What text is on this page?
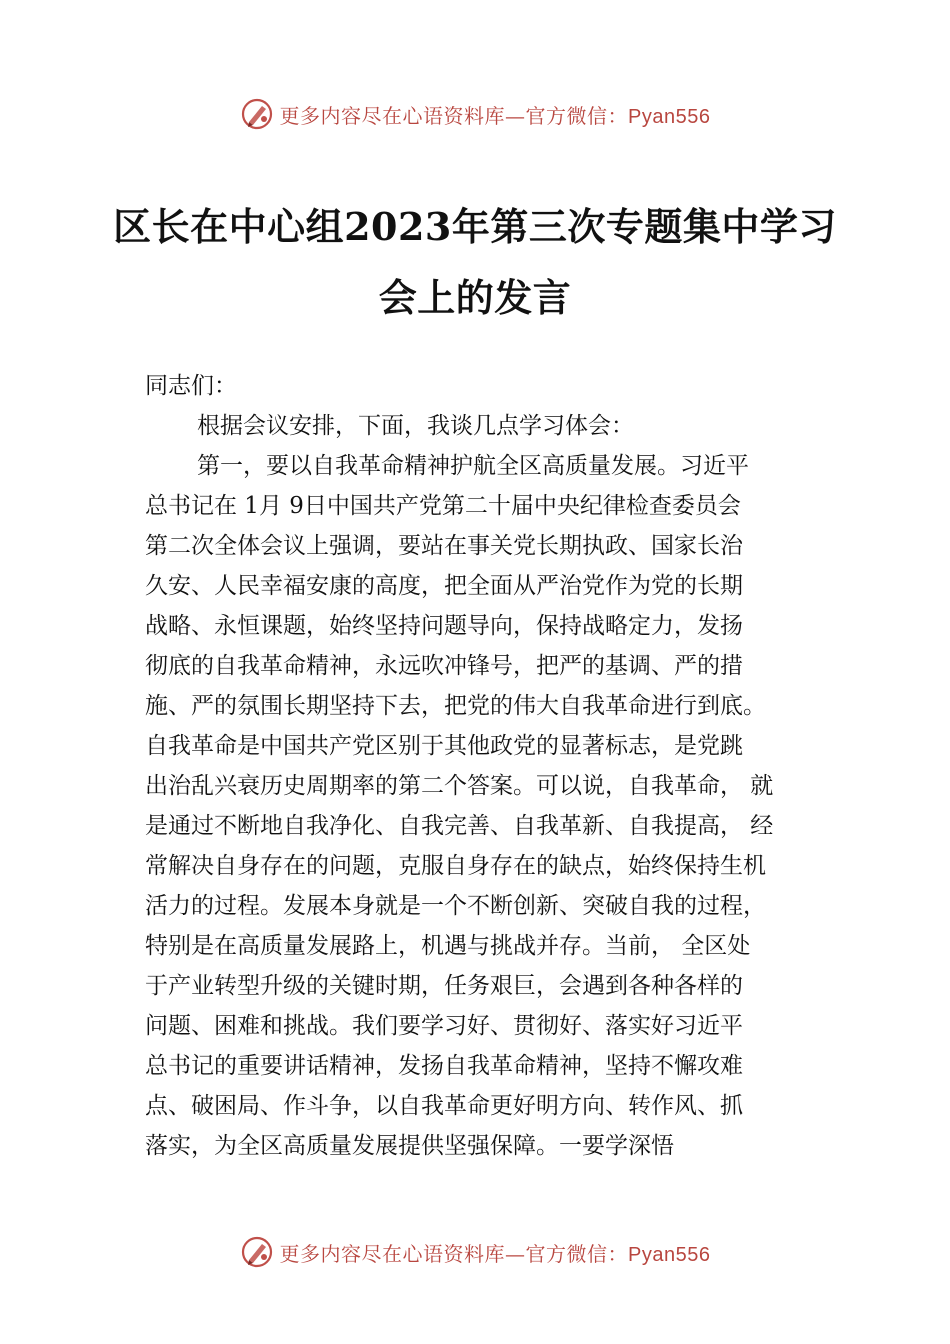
更多内容尽在心语资料库—官方微信：Pyan556
区长在中心组2023年第三次专题集中学习
会上的发言
同志们：
根据会议安排，下面，我谈几点学习体会：
第一，要以自我革命精神护航全区高质量发展。习近平
总书记在 1月 9日中国共产党第二十届中央纪律检查委员会
第二次全体会议上强调，要站在事关党长期执政、国家长治
久安、人民幸福安康的高度，把全面从严治党作为党的长期
战略、永恒课题，始终坚持问题导向，保持战略定力，发扬
彻底的自我革命精神，永远吹冲锋号，把严的基调、严的措
施、严的氛围长期坚持下去，把党的伟大自我革命进行到底。
自我革命是中国共产党区别于其他政党的显著标志，是党跳
出治乱兴衰历史周期率的第二个答案。可以说，自我革命， 就
是通过不断地自我净化、自我完善、自我革新、自我提高， 经
常解决自身存在的问题，克服自身存在的缺点，始终保持生机
活力的过程。发展本身就是一个不断创新、突破自我的过程，
特别是在高质量发展路上，机遇与挑战并存。当前， 全区处
于产业转型升级的关键时期，任务艰巨，会遇到各种各样的
问题、困难和挑战。我们要学习好、贯彻好、落实好习近平
总书记的重要讲话精神，发扬自我革命精神，坚持不懈攻难
点、破困局、作斗争，以自我革命更好明方向、转作风、抓
落实，为全区高质量发展提供坚强保障。一要学深悟
更多内容尽在心语资料库—官方微信：Pyan556
